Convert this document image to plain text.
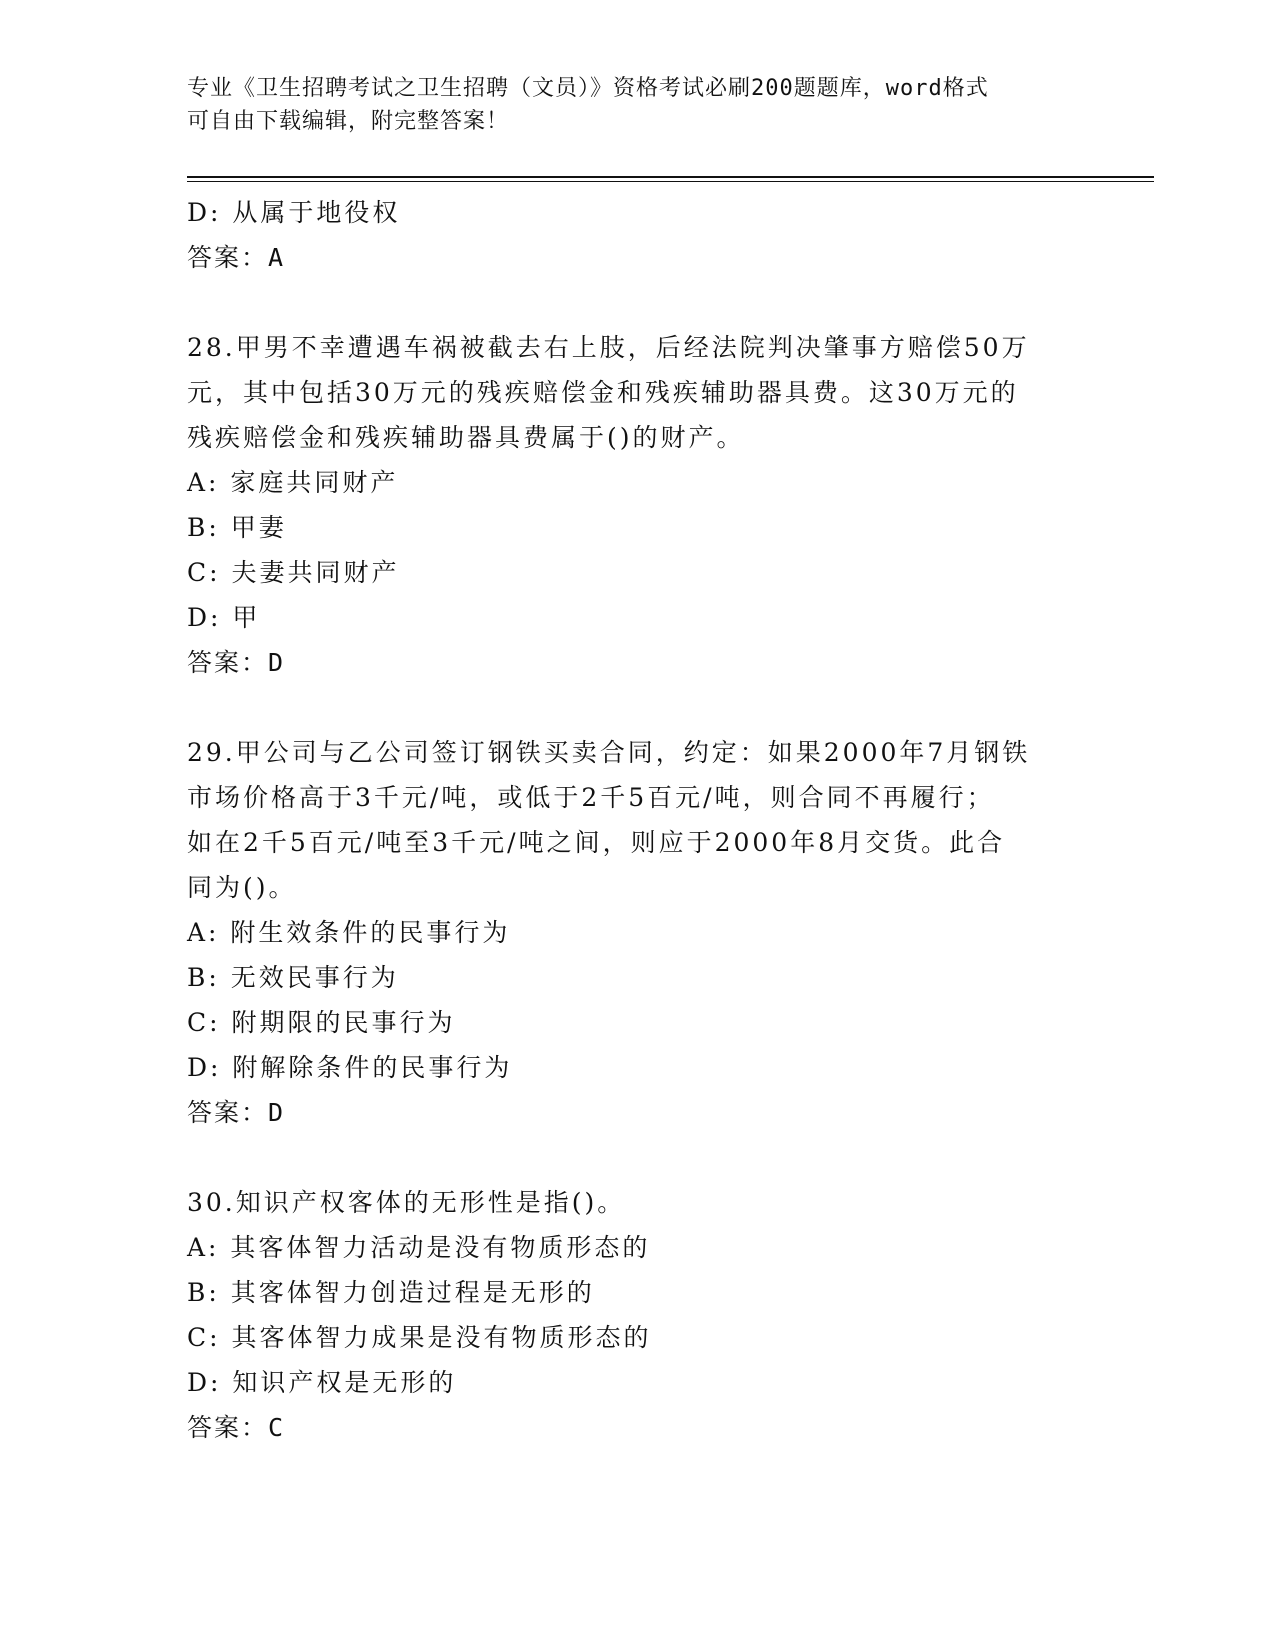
专业《卫生招聘考试之卫生招聘（文员）》资格考试必刷200题题库，word格式
可自由下载编辑，附完整答案！
D: 从属于地役权
答案：A
28.甲男不幸遭遇车祸被截去右上肢，后经法院判决肇事方赔偿50万
元，其中包括30万元的残疾赔偿金和残疾辅助器具费。这30万元的
残疾赔偿金和残疾辅助器具费属于()的财产。
A: 家庭共同财产
B: 甲妻
C: 夫妻共同财产
D: 甲
答案：D
29.甲公司与乙公司签订钢铁买卖合同，约定：如果2000年7月钢铁
市场价格高于3千元/吨，或低于2千5百元/吨，则合同不再履行；
如在2千5百元/吨至3千元/吨之间，则应于2000年8月交货。此合
同为()。
A: 附生效条件的民事行为
B: 无效民事行为
C: 附期限的民事行为
D: 附解除条件的民事行为
答案：D
30.知识产权客体的无形性是指()。
A: 其客体智力活动是没有物质形态的
B: 其客体智力创造过程是无形的
C: 其客体智力成果是没有物质形态的
D: 知识产权是无形的
答案：C
